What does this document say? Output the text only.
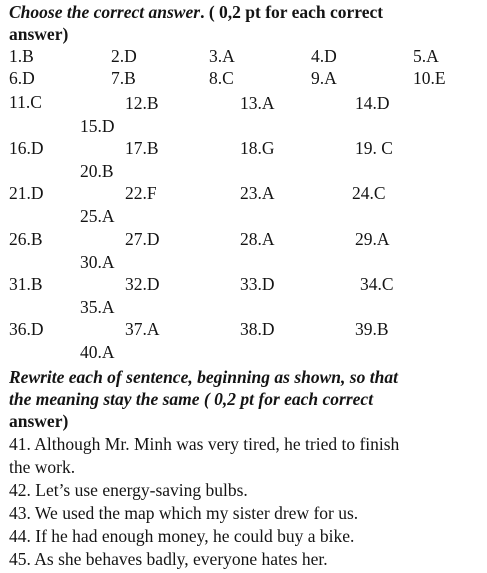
Choose the correct answer. ( 0,2 pt for each correct
answer)
1.B	2.D	3.A	4.D	5.A
6.D	7.B	8.C	9.A	10.E
11.C	12.B	13.A	14.D
15.D
16.D	17.B	18.G	19. C
20.B
21.D	22.F	23.A	24.C
25.A
26.B	27.D	28.A	29.A
30.A
31.B	32.D	33.D	34.C
35.A
36.D	37.A	38.D	39.B
40.A
Rewrite each of sentence, beginning as shown, so that
the meaning stay the same ( 0,2 pt for each correct
answer)
41. Although Mr. Minh was very tired, he tried to finish
the work.
42. Let’s use energy-saving bulbs.
43. We used the map which my sister drew for us.
44. If he had enough money, he could buy a bike.
45. As she behaves badly, everyone hates her.
